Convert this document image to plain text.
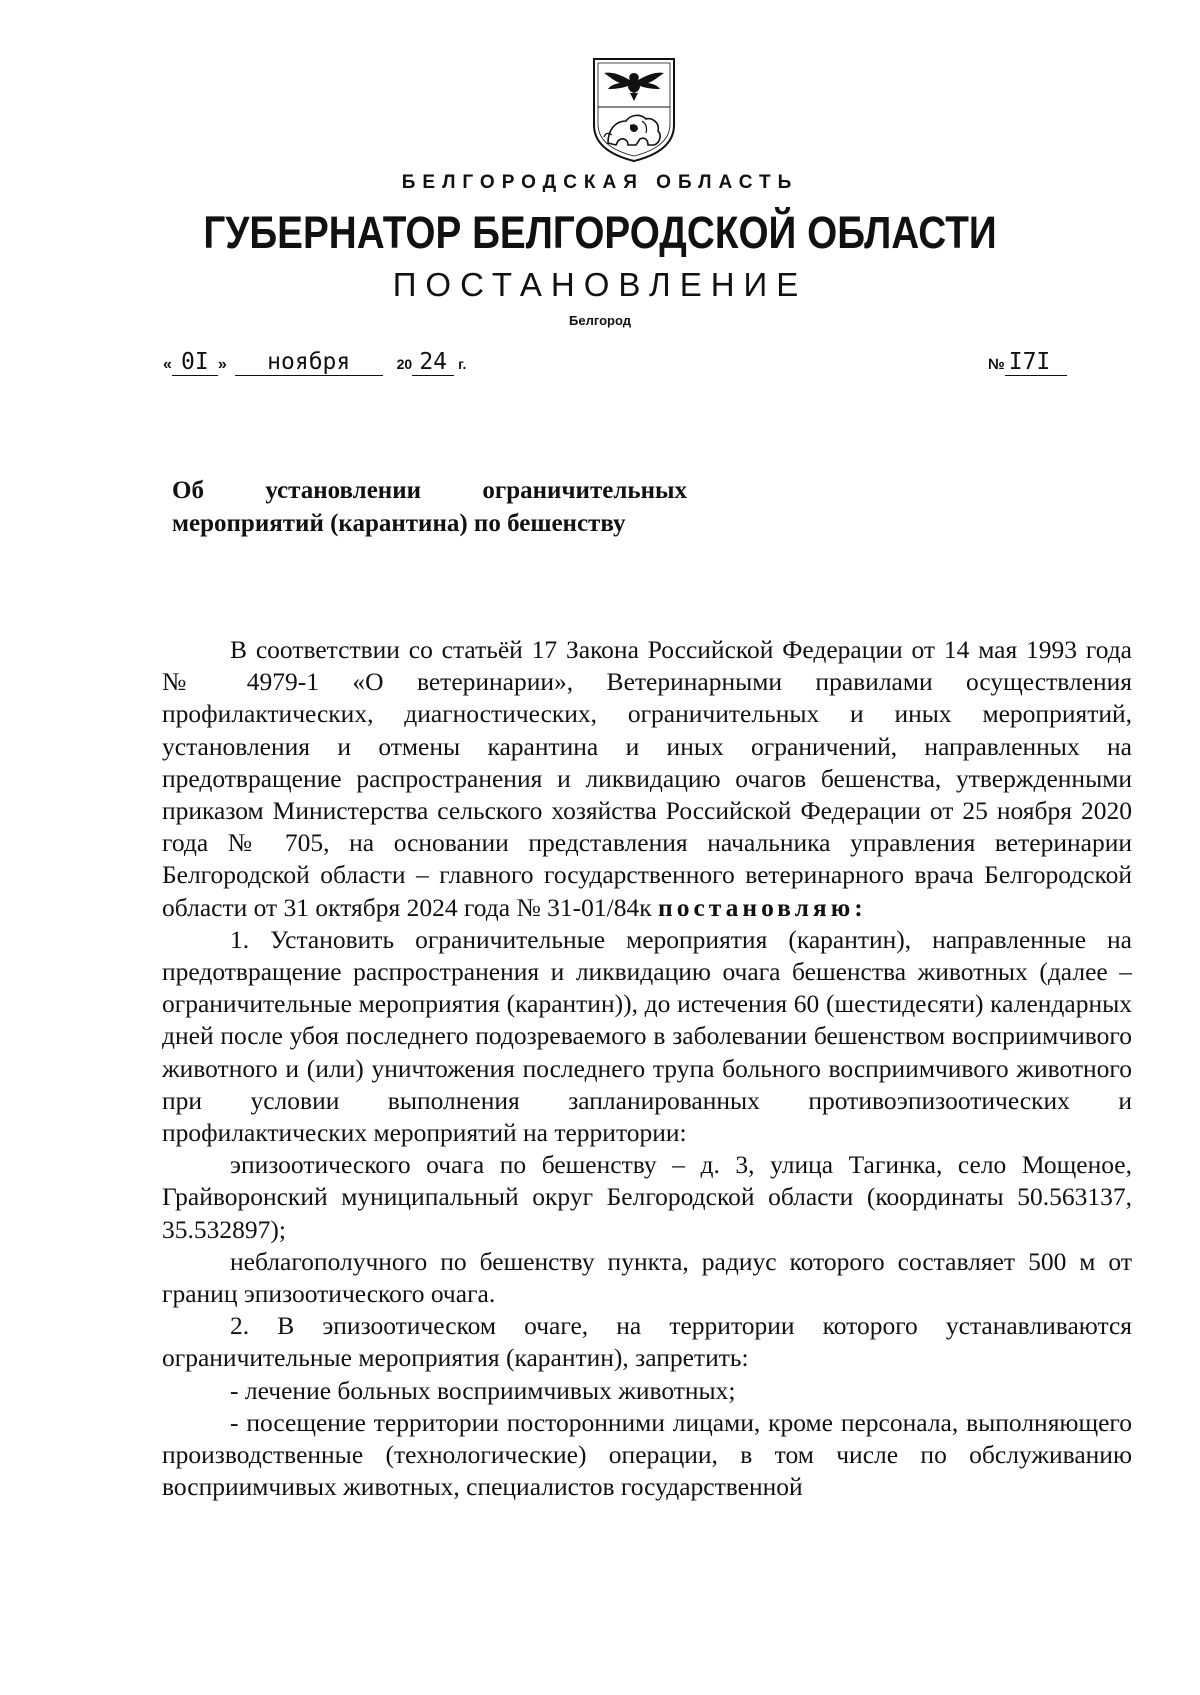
БЕЛГОРОДСКАЯ ОБЛАСТЬ
ГУБЕРНАТОР БЕЛГОРОДСКОЙ ОБЛАСТИ
ПОСТАНОВЛЕНИЕ
Белгород
« 0I » ноября	20 24 г.	№ I7I
Об установлении ограничительных
мероприятий (карантина) по бешенству

В соответствии со статьёй 17 Закона Российской Федерации от 14 мая 1993 года № 4979-1 «О ветеринарии», Ветеринарными правилами осуществления профилактических, диагностических, ограничительных и иных мероприятий, установления и отмены карантина и иных ограничений, направленных на предотвращение распространения и ликвидацию очагов бешенства, утвержденными приказом Министерства сельского хозяйства Российской Федерации от 25 ноября 2020 года № 705, на основании представления начальника управления ветеринарии Белгородской области – главного государственного ветеринарного врача Белгородской области от 31 октября 2024 года № 31-01/84к постановляю:

1. Установить ограничительные мероприятия (карантин), направленные на предотвращение распространения и ликвидацию очага бешенства животных (далее – ограничительные мероприятия (карантин)), до истечения 60 (шестидесяти) календарных дней после убоя последнего подозреваемого в заболевании бешенством восприимчивого животного и (или) уничтожения последнего трупа больного восприимчивого животного при условии выполнения запланированных противоэпизоотических и профилактических мероприятий на территории:

эпизоотического очага по бешенству – д. 3, улица Тагинка, село Мощеное, Грайворонский муниципальный округ Белгородской области (координаты 50.563137, 35.532897);

неблагополучного по бешенству пункта, радиус которого составляет 500 м от границ эпизоотического очага.

2. В эпизоотическом очаге, на территории которого устанавливаются ограничительные мероприятия (карантин), запретить:

- лечение больных восприимчивых животных;

- посещение территории посторонними лицами, кроме персонала, выполняющего производственные (технологические) операции, в том числе по обслуживанию восприимчивых животных, специалистов государственной
